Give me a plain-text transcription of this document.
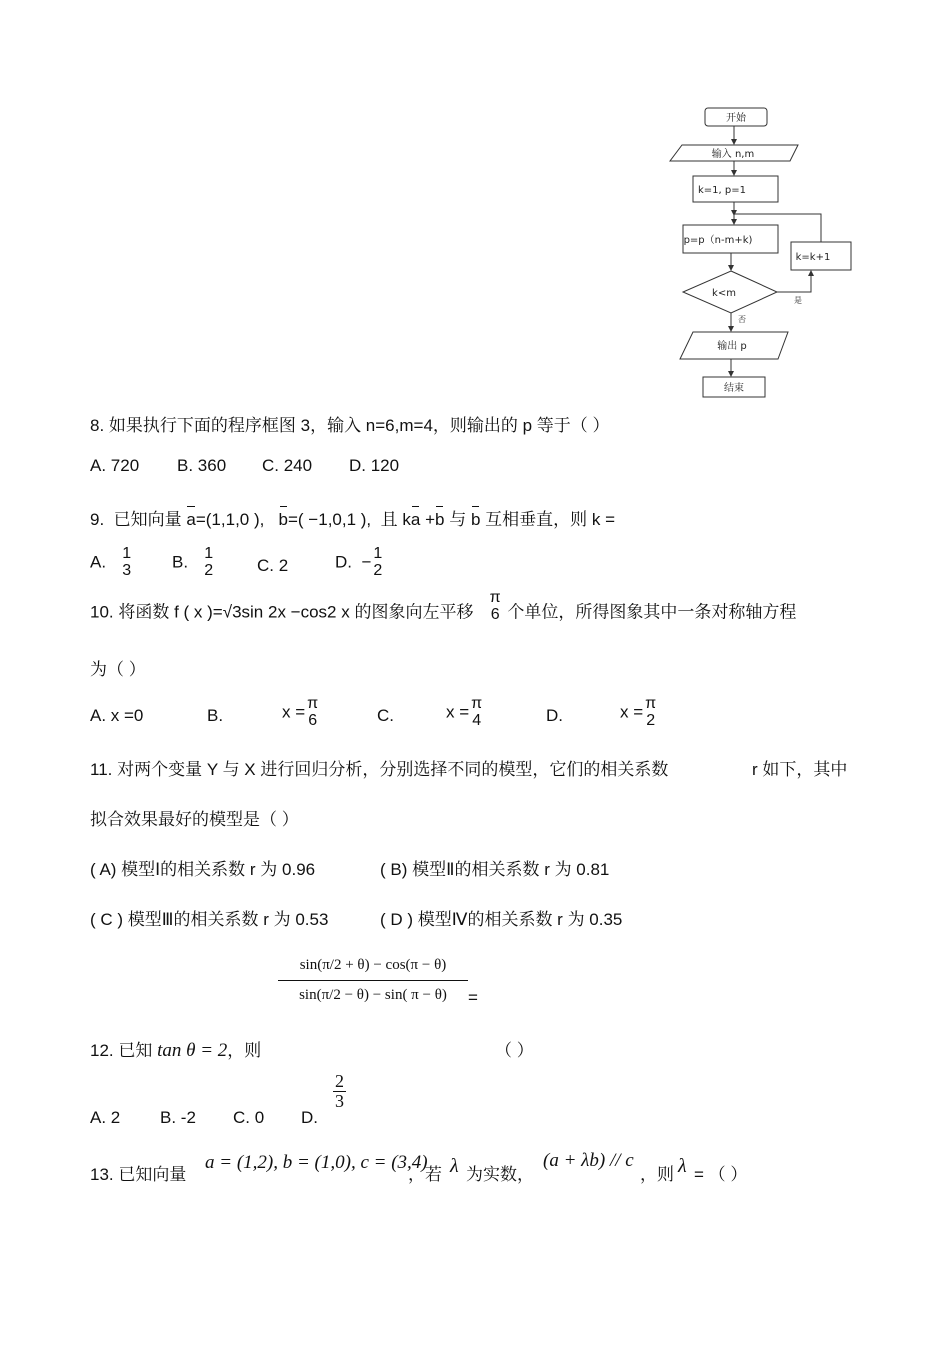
开始
输入 n,m
k=1, p=1
p=p（n-m+k)
k=k+1
k<m
是
否
输出 p
结束
8. 如果执行下面的程序框图 3，输入 n=6,m=4，则输出的 p 等于（ ）
A. 720 B. 360 C. 240 D. 120
9. 已知向量 a=(1,1,0 ), b=( −1,0,1 ), 且 ka +b 与 b 互相垂直，则 k =
A. 1
3 B. 1
2	C. 2	D. − 1
2
10. 将函数 f ( x )=√3sin 2x −cos2 x 的图象向左平移
π
6 个单位，所得图象其中一条对称轴方程
为（ ）
A. x =0	B.	x = π
6	C.	x = π
4	D.	x = π
2
11. 对两个变量 Y 与 X 进行回归分析，分别选择不同的模型，它们的相关系数	r 如下，其中
拟合效果最好的模型是（ ）
( A) 模型Ⅰ的相关系数 r 为 0.96	( B) 模型Ⅱ的相关系数 r 为 0.81
( C ) 模型Ⅲ的相关系数 r 为 0.53	( D ) 模型Ⅳ的相关系数 r 为 0.35
12. 已知 tan θ = 2，则
sin(π/2 + θ) − cos(π − θ)
sin(π/2 − θ) − sin( π − θ)	=
（ ）
A. 2 B. -2 C. 0 D.
$\frac{2}{3}$
13. 已知向量
a = (1,2), b = (1,0), c = (3,4)
，若 λ 为实数，
(a + λb) // c
，则 λ = （ ）
